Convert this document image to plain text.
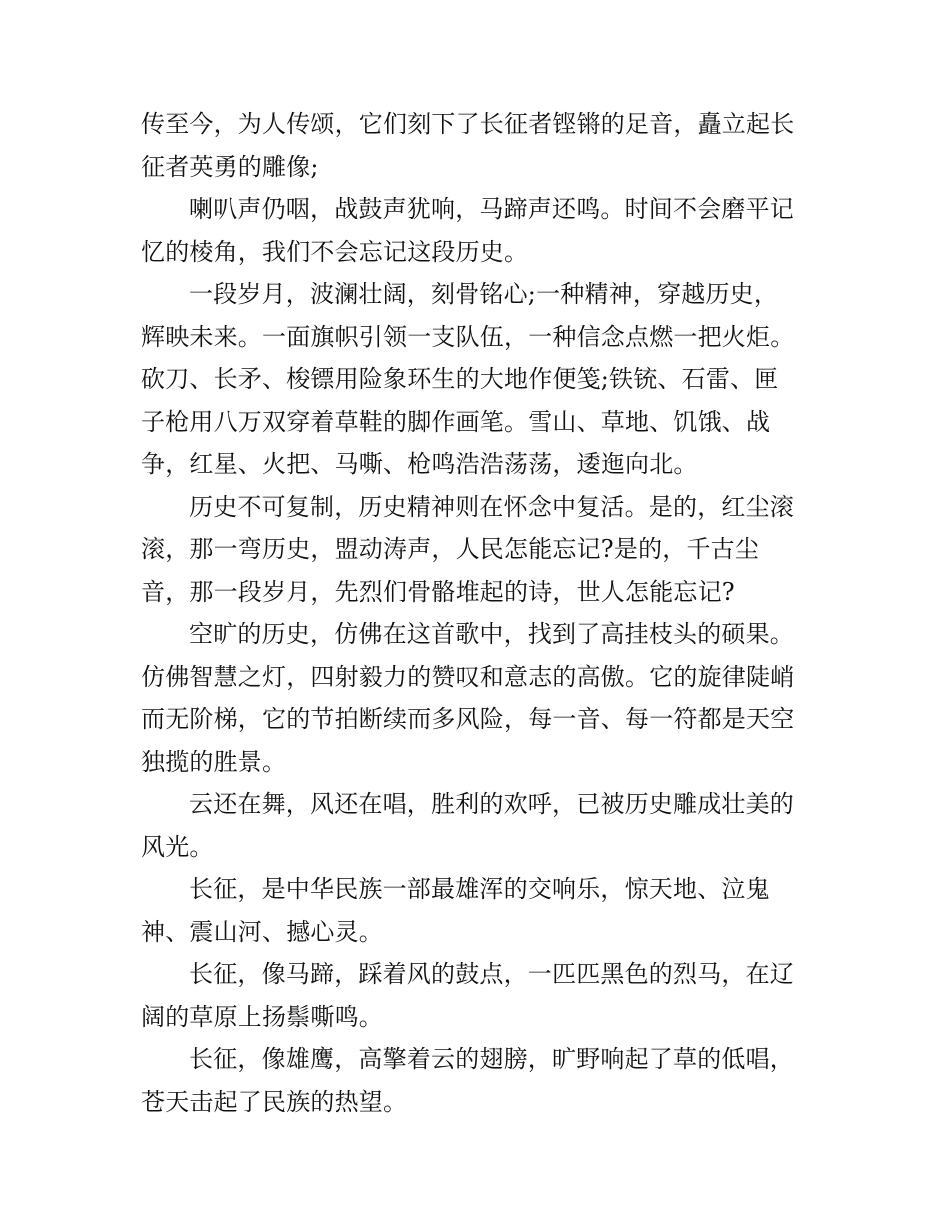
传至今，为人传颂，它们刻下了长征者铿锵的足音，矗立起长
征者英勇的雕像;
喇叭声仍咽，战鼓声犹响，马蹄声还鸣。时间不会磨平记
忆的棱角，我们不会忘记这段历史。
一段岁月，波澜壮阔，刻骨铭心;一种精神，穿越历史，
辉映未来。一面旗帜引领一支队伍，一种信念点燃一把火炬。
砍刀、长矛、梭镖用险象环生的大地作便笺;铁铳、石雷、匣
子枪用八万双穿着草鞋的脚作画笔。雪山、草地、饥饿、战
争，红星、火把、马嘶、枪鸣浩浩荡荡，逶迤向北。
历史不可复制，历史精神则在怀念中复活。是的，红尘滚
滚，那一弯历史，盟动涛声，人民怎能忘记?是的，千古尘
音，那一段岁月，先烈们骨骼堆起的诗，世人怎能忘记?
空旷的历史，仿佛在这首歌中，找到了高挂枝头的硕果。
仿佛智慧之灯，四射毅力的赞叹和意志的高傲。它的旋律陡峭
而无阶梯，它的节拍断续而多风险，每一音、每一符都是天空
独揽的胜景。
云还在舞，风还在唱，胜利的欢呼，已被历史雕成壮美的
风光。
长征，是中华民族一部最雄浑的交响乐，惊天地、泣鬼
神、震山河、撼心灵。
长征，像马蹄，踩着风的鼓点，一匹匹黑色的烈马，在辽
阔的草原上扬鬃嘶鸣。
长征，像雄鹰，高擎着云的翅膀，旷野响起了草的低唱，
苍天击起了民族的热望。
